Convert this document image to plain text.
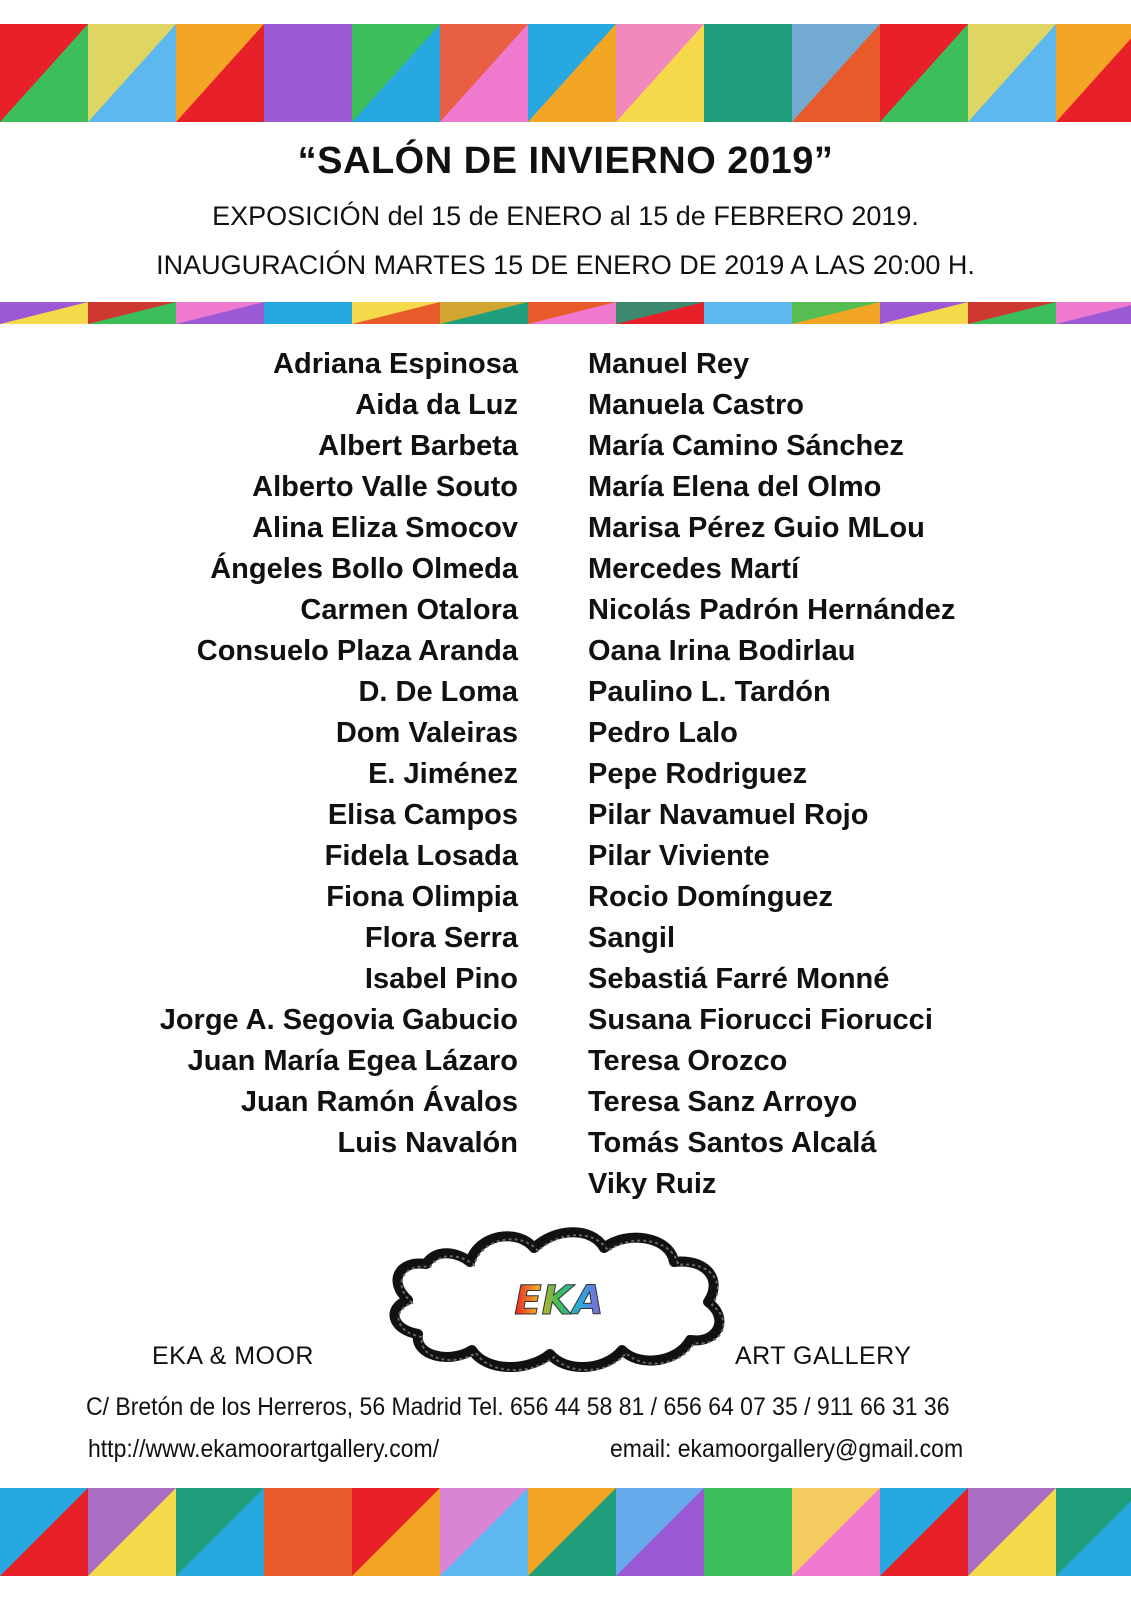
“SALÓN DE INVIERNO 2019”
EXPOSICIÓN del 15 de ENERO al 15 de FEBRERO 2019.
INAUGURACIÓN MARTES 15 DE ENERO DE 2019 A LAS 20:00 H.
Adriana Espinosa
Aida da Luz
Albert Barbeta
Alberto Valle Souto
Alina Eliza Smocov
Ángeles Bollo Olmeda
Carmen Otalora
Consuelo Plaza Aranda
D. De Loma
Dom Valeiras
E. Jiménez
Elisa Campos
Fidela Losada
Fiona Olimpia
Flora Serra
Isabel Pino
Jorge A. Segovia Gabucio
Juan María Egea Lázaro
Juan Ramón Ávalos
Luis Navalón
Manuel Rey
Manuela Castro
María Camino Sánchez
María Elena del Olmo
Marisa Pérez Guio MLou
Mercedes Martí
Nicolás Padrón Hernández
Oana Irina Bodirlau
Paulino L. Tardón
Pedro Lalo
Pepe Rodriguez
Pilar Navamuel Rojo
Pilar Viviente
Rocio Domínguez
Sangil
Sebastiá Farré Monné
Susana Fiorucci Fiorucci
Teresa Orozco
Teresa Sanz Arroyo
Tomás Santos Alcalá
Viky Ruiz
EKA
EKA & MOOR	ART GALLERY
C/ Bretón de los Herreros, 56 Madrid Tel. 656 44 58 81 / 656 64 07 35 / 911 66 31 36
http://www.ekamoorartgallery.com/	email: ekamoorgallery@gmail.com
